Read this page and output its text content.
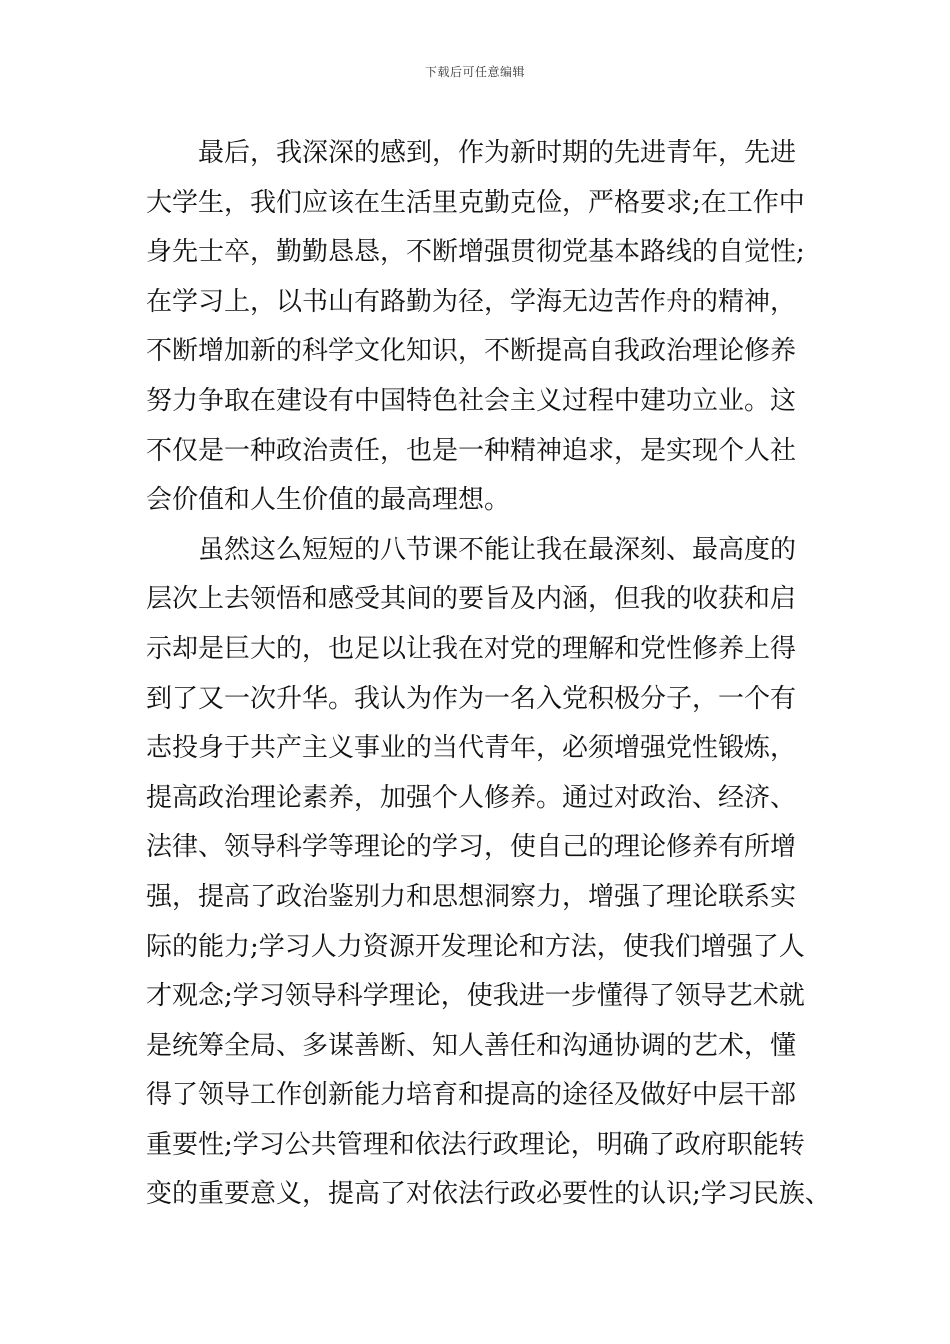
下载后可任意编辑
　　最后，我深深的感到，作为新时期的先进青年，先进
大学生，我们应该在生活里克勤克俭，严格要求;在工作中
身先士卒，勤勤恳恳，不断增强贯彻党基本路线的自觉性;
在学习上，以书山有路勤为径，学海无边苦作舟的精神，
不断增加新的科学文化知识，不断提高自我政治理论修养
努力争取在建设有中国特色社会主义过程中建功立业。这
不仅是一种政治责任，也是一种精神追求，是实现个人社
会价值和人生价值的最高理想。
　　虽然这么短短的八节课不能让我在最深刻、最高度的
层次上去领悟和感受其间的要旨及内涵，但我的收获和启
示却是巨大的，也足以让我在对党的理解和党性修养上得
到了又一次升华。我认为作为一名入党积极分子，一个有
志投身于共产主义事业的当代青年，必须增强党性锻炼，
提高政治理论素养，加强个人修养。通过对政治、经济、
法律、领导科学等理论的学习，使自己的理论修养有所增
强，提高了政治鉴别力和思想洞察力，增强了理论联系实
际的能力;学习人力资源开发理论和方法，使我们增强了人
才观念;学习领导科学理论，使我进一步懂得了领导艺术就
是统筹全局、多谋善断、知人善任和沟通协调的艺术，懂
得了领导工作创新能力培育和提高的途径及做好中层干部
重要性;学习公共管理和依法行政理论，明确了政府职能转
变的重要意义，提高了对依法行政必要性的认识;学习民族、
